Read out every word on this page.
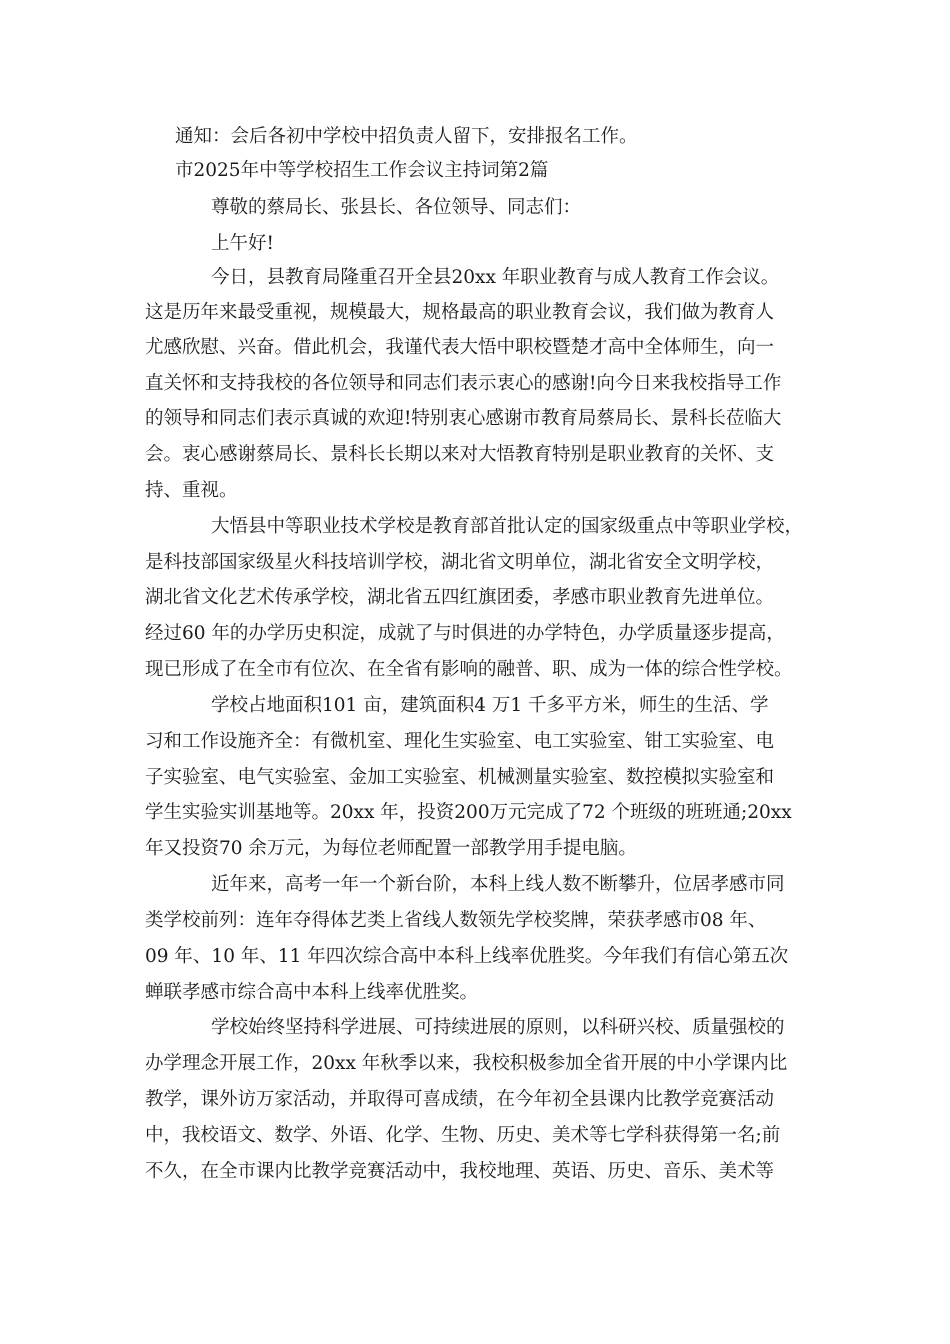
通知：会后各初中学校中招负责人留下，安排报名工作。
市2025年中等学校招生工作会议主持词第2篇
尊敬的蔡局长、张县长、各位领导、同志们：
上午好!
今日，县教育局隆重召开全县20xx 年职业教育与成人教育工作会议。
这是历年来最受重视，规模最大，规格最高的职业教育会议，我们做为教育人
尤感欣慰、兴奋。借此机会，我谨代表大悟中职校暨楚才高中全体师生，向一
直关怀和支持我校的各位领导和同志们表示衷心的感谢!向今日来我校指导工作
的领导和同志们表示真诚的欢迎!特别衷心感谢市教育局蔡局长、景科长莅临大
会。衷心感谢蔡局长、景科长长期以来对大悟教育特别是职业教育的关怀、支
持、重视。
大悟县中等职业技术学校是教育部首批认定的国家级重点中等职业学校，
是科技部国家级星火科技培训学校，湖北省文明单位，湖北省安全文明学校，
湖北省文化艺术传承学校，湖北省五四红旗团委，孝感市职业教育先进单位。
经过60 年的办学历史积淀，成就了与时俱进的办学特色，办学质量逐步提高，
现已形成了在全市有位次、在全省有影响的融普、职、成为一体的综合性学校。
学校占地面积101 亩，建筑面积4 万1 千多平方米，师生的生活、学
习和工作设施齐全：有微机室、理化生实验室、电工实验室、钳工实验室、电
子实验室、电气实验室、金加工实验室、机械测量实验室、数控模拟实验室和
学生实验实训基地等。20xx 年，投资200万元完成了72 个班级的班班通;20xx
年又投资70 余万元，为每位老师配置一部教学用手提电脑。
近年来，高考一年一个新台阶，本科上线人数不断攀升，位居孝感市同
类学校前列：连年夺得体艺类上省线人数领先学校奖牌，荣获孝感市08 年、
09 年、10 年、11 年四次综合高中本科上线率优胜奖。今年我们有信心第五次
蝉联孝感市综合高中本科上线率优胜奖。
学校始终坚持科学进展、可持续进展的原则，以科研兴校、质量强校的
办学理念开展工作，20xx 年秋季以来，我校积极参加全省开展的中小学课内比
教学，课外访万家活动，并取得可喜成绩，在今年初全县课内比教学竞赛活动
中，我校语文、数学、外语、化学、生物、历史、美术等七学科获得第一名;前
不久，在全市课内比教学竞赛活动中，我校地理、英语、历史、音乐、美术等
